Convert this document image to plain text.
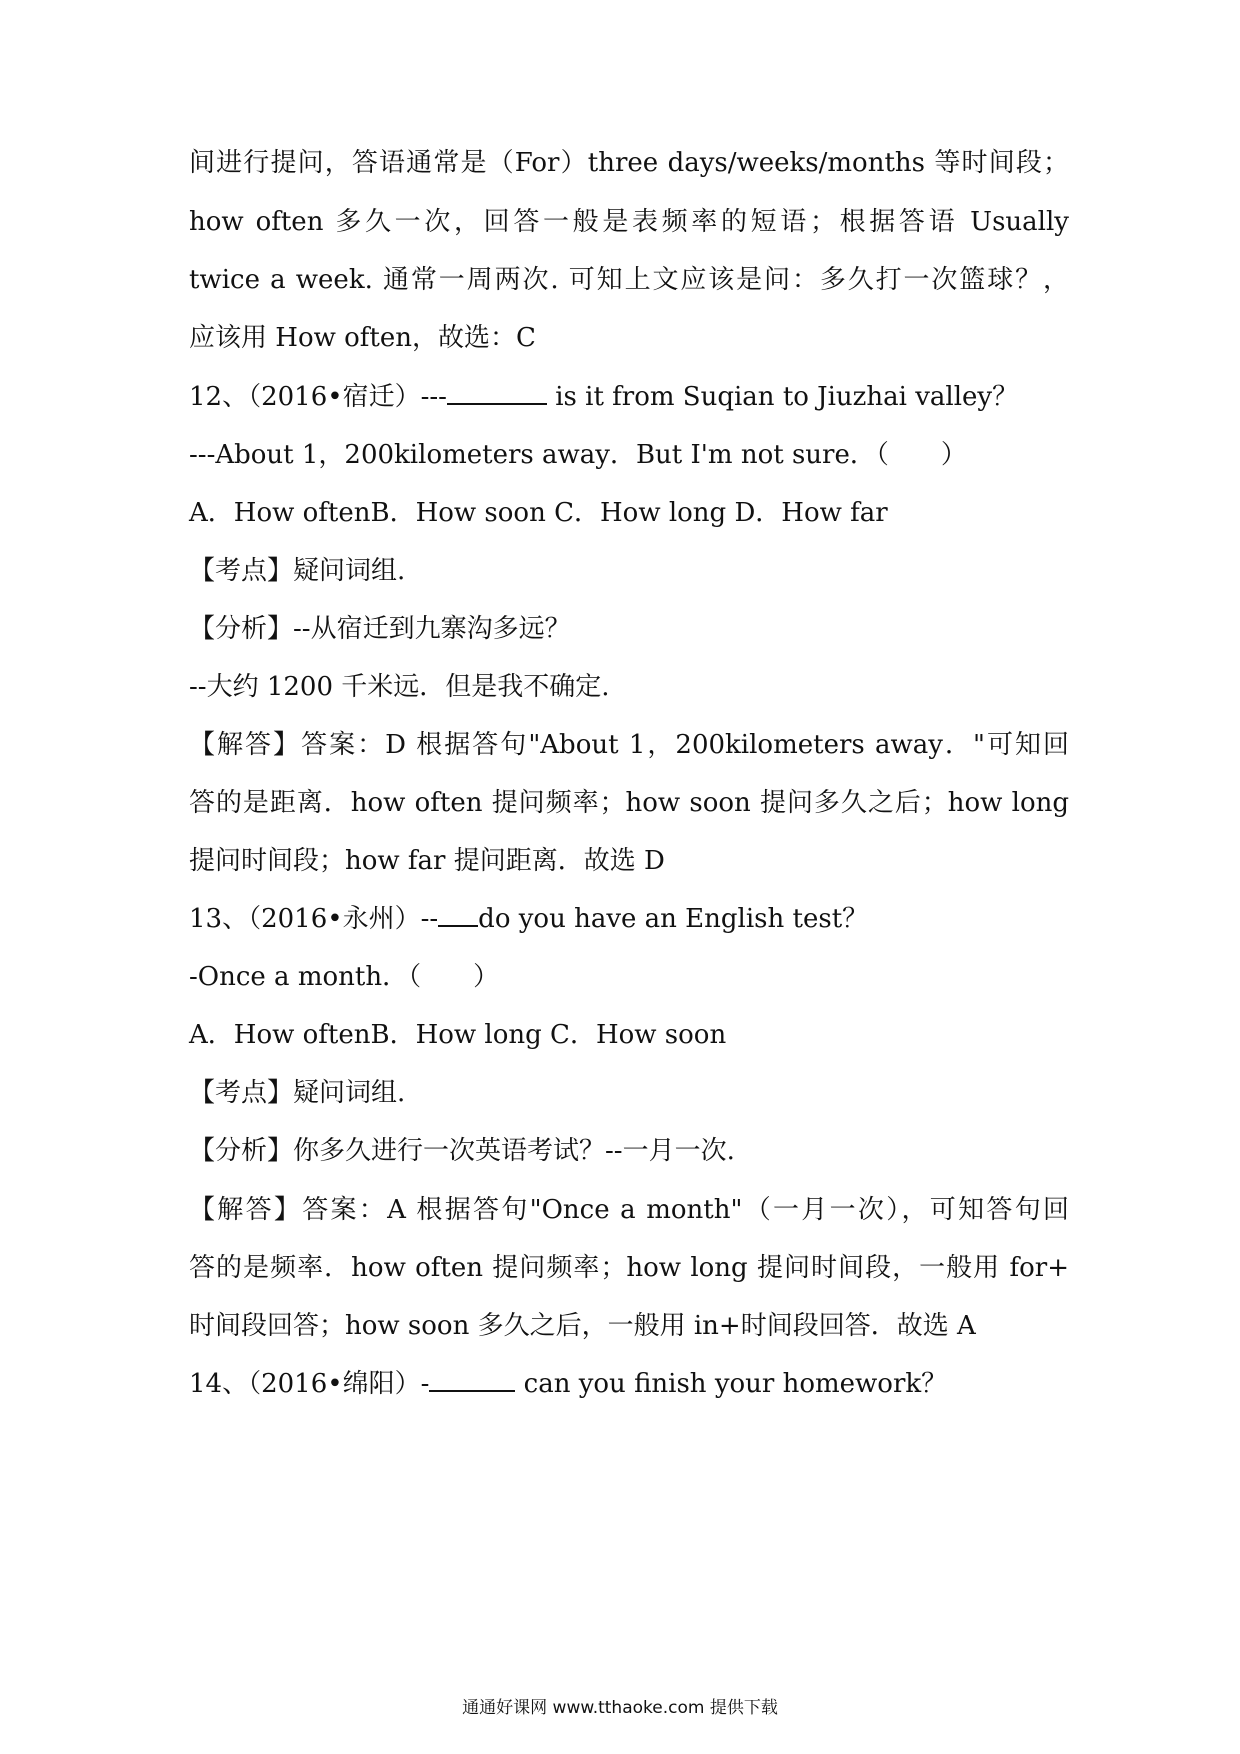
间进行提问，答语通常是（For）three days/weeks/months 等时间段；
how often 多久一次，回答一般是表频率的短语；根据答语 Usually
twice a week. 通常一周两次. 可知上文应该是问：多久打一次篮球？，
应该用 How often，故选：C
12、（2016•宿迁）---	is it from Suqian to Jiuzhai valley？
---About 1，200kilometers away．But I'm not sure．（　　）
A．How oftenB．How soon C．How long D．How far
【考点】疑问词组.
【分析】--从宿迁到九寨沟多远？
--大约 1200 千米远．但是我不确定.
【解答】答案：D 根据答句"About 1，200kilometers away．"可知回
答的是距离．how often 提问频率；how soon 提问多久之后；how long
提问时间段；how far 提问距离．故选 D
13、（2016•永州）-- do you have an English test？
-Once a month．（　　）
A．How oftenB．How long C．How soon
【考点】疑问词组.
【分析】你多久进行一次英语考试？--一月一次.
【解答】答案：A 根据答句"Once a month"（一月一次），可知答句回
答的是频率．how often 提问频率；how long 提问时间段，一般用 for+
时间段回答；how soon 多久之后，一般用 in+时间段回答．故选 A
14、（2016•绵阳）-	can you finish your homework？
通通好课网 www.tthaoke.com 提供下载
